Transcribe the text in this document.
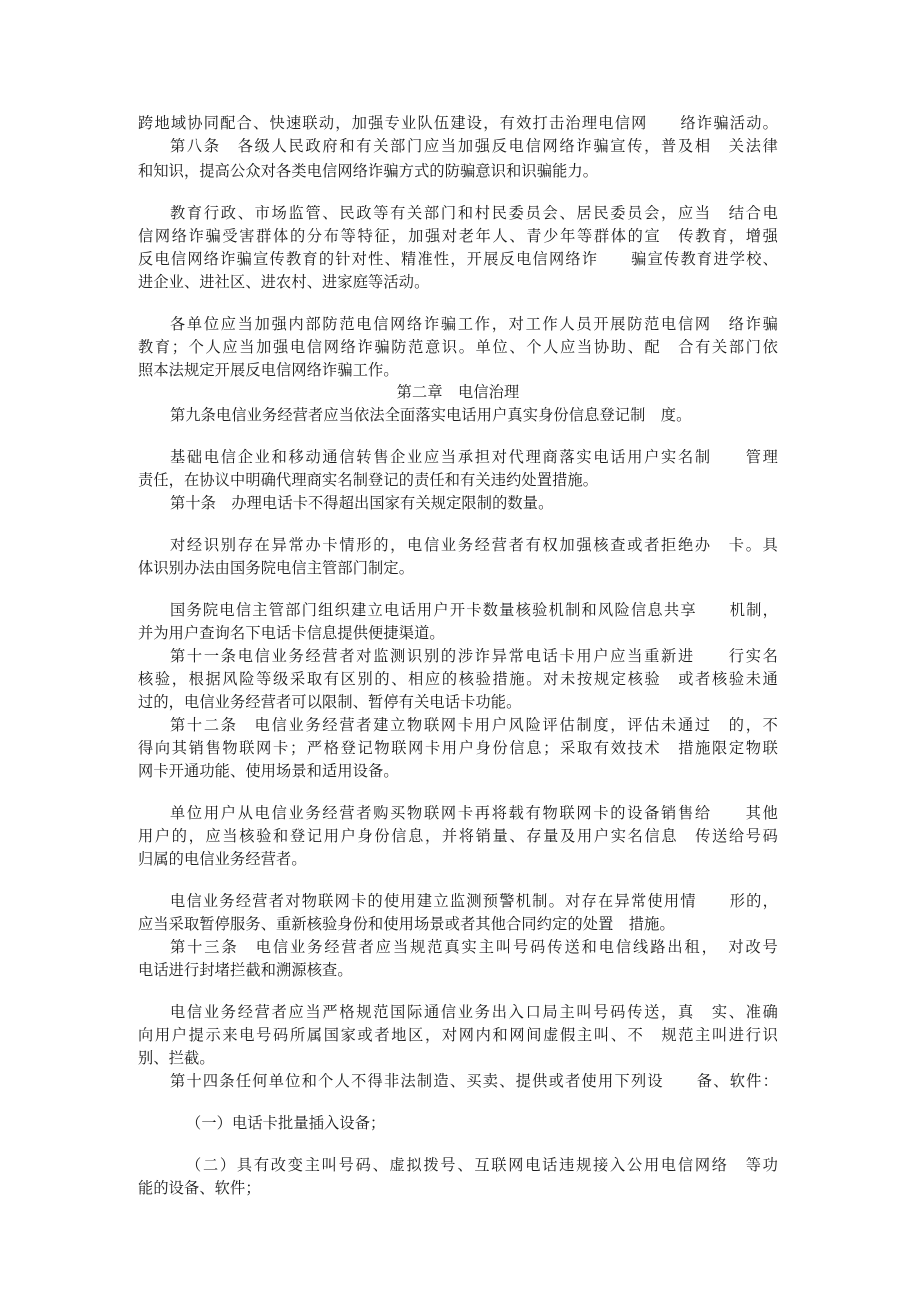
跨地域协同配合、快速联动，加强专业队伍建设，有效打击治理电信网　　络诈骗活动。
第八条　各级人民政府和有关部门应当加强反电信网络诈骗宣传，普及相　关法律
和知识，提高公众对各类电信网络诈骗方式的防骗意识和识骗能力。
教育行政、市场监管、民政等有关部门和村民委员会、居民委员会，应当　结合电
信网络诈骗受害群体的分布等特征，加强对老年人、青少年等群体的宣　传教育，增强
反电信网络诈骗宣传教育的针对性、精准性，开展反电信网络诈　　骗宣传教育进学校、
进企业、进社区、进农村、进家庭等活动。
各单位应当加强内部防范电信网络诈骗工作，对工作人员开展防范电信网　络诈骗
教育；个人应当加强电信网络诈骗防范意识。单位、个人应当协助、配　合有关部门依
照本法规定开展反电信网络诈骗工作。
第二章　电信治理
第九条电信业务经营者应当依法全面落实电话用户真实身份信息登记制　度。
基础电信企业和移动通信转售企业应当承担对代理商落实电话用户实名制　　管理
责任，在协议中明确代理商实名制登记的责任和有关违约处置措施。
第十条　办理电话卡不得超出国家有关规定限制的数量。
对经识别存在异常办卡情形的，电信业务经营者有权加强核查或者拒绝办　卡。具
体识别办法由国务院电信主管部门制定。
国务院电信主管部门组织建立电话用户开卡数量核验机制和风险信息共享　　机制，
并为用户查询名下电话卡信息提供便捷渠道。
第十一条电信业务经营者对监测识别的涉诈异常电话卡用户应当重新进　　行实名
核验，根据风险等级采取有区别的、相应的核验措施。对未按规定核验　或者核验未通
过的，电信业务经营者可以限制、暂停有关电话卡功能。
第十二条　电信业务经营者建立物联网卡用户风险评估制度，评估未通过　的，不
得向其销售物联网卡；严格登记物联网卡用户身份信息；采取有效技术　措施限定物联
网卡开通功能、使用场景和适用设备。
单位用户从电信业务经营者购买物联网卡再将载有物联网卡的设备销售给　　其他
用户的，应当核验和登记用户身份信息，并将销量、存量及用户实名信息　传送给号码
归属的电信业务经营者。
电信业务经营者对物联网卡的使用建立监测预警机制。对存在异常使用情　　形的，
应当采取暂停服务、重新核验身份和使用场景或者其他合同约定的处置　措施。
第十三条　电信业务经营者应当规范真实主叫号码传送和电信线路出租，　对改号
电话进行封堵拦截和溯源核查。
电信业务经营者应当严格规范国际通信业务出入口局主叫号码传送，真　实、准确
向用户提示来电号码所属国家或者地区，对网内和网间虚假主叫、不　规范主叫进行识
别、拦截。
第十四条任何单位和个人不得非法制造、买卖、提供或者使用下列设　　备、软件：
（一）电话卡批量插入设备；
（二）具有改变主叫号码、虚拟拨号、互联网电话违规接入公用电信网络　等功
能的设备、软件；
